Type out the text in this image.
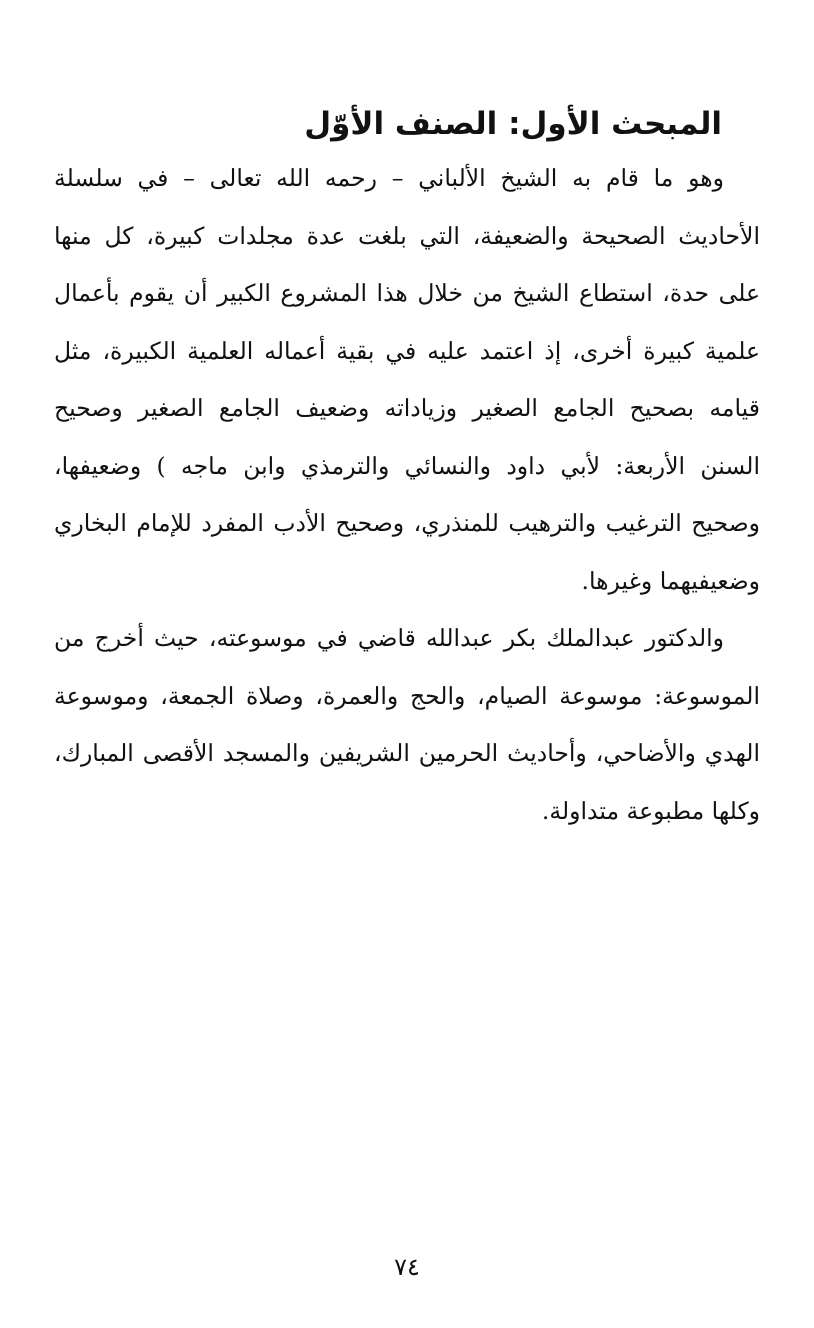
المبحث الأول: الصنف الأوّل

وهو ما قام به الشيخ الألباني – رحمه الله تعالى – في سلسلة الأحاديث الصحيحة والضعيفة، التي بلغت عدة مجلدات كبيرة، كل منها على حدة، استطاع الشيخ من خلال هذا المشروع الكبير أن يقوم بأعمال علمية كبيرة أخرى، إذ اعتمد عليه في بقية أعماله العلمية الكبيرة، مثل قيامه بصحيح الجامع الصغير وزياداته وضعيف الجامع الصغير وصحيح السنن الأربعة: لأبي داود والنسائي والترمذي وابن ماجه ) وضعيفها، وصحيح الترغيب والترهيب للمنذري، وصحيح الأدب المفرد للإمام البخاري وضعيفيهما وغيرها.

والدكتور عبدالملك بكر عبدالله قاضي في موسوعته، حيث أخرج من الموسوعة: موسوعة الصيام، والحج والعمرة، وصلاة الجمعة، وموسوعة الهدي والأضاحي، وأحاديث الحرمين الشريفين والمسجد الأقصى المبارك، وكلها مطبوعة متداولة.

٧٤
